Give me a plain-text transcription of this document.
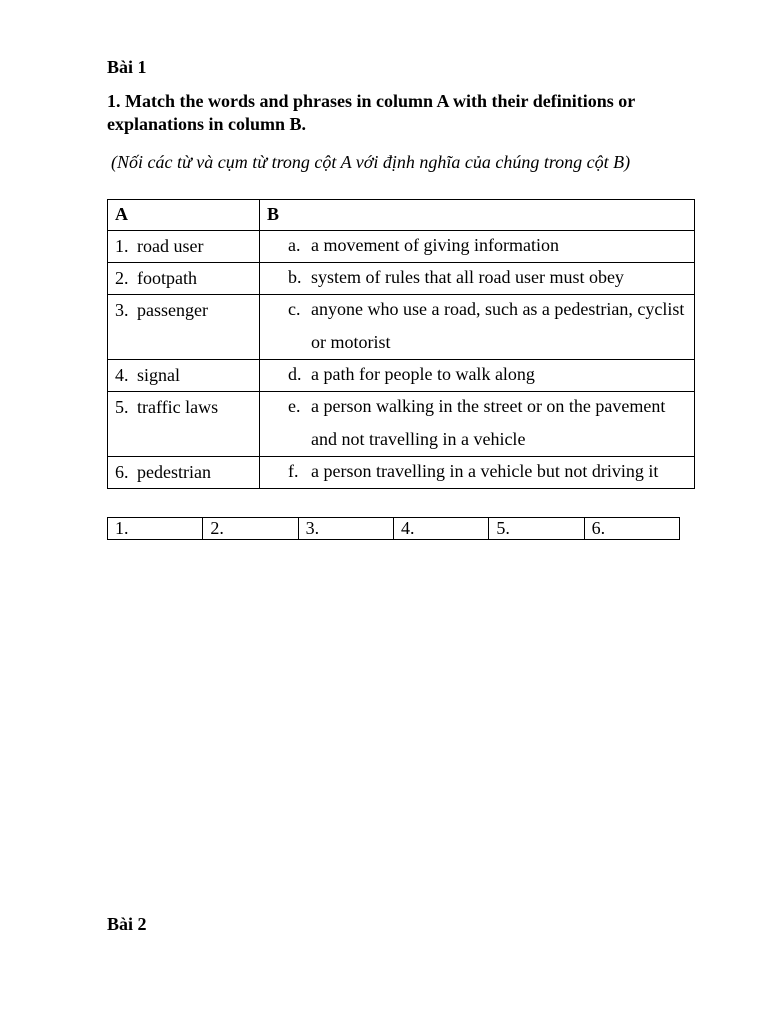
Bài 1
1. Match the words and phrases in column A with their definitions or explanations in column B.
(Nối các từ và cụm từ trong cột A với định nghĩa của chúng trong cột B)
A	B

1. road user	a. a movement of giving information

2. footpath	b. system of rules that all road user must obey

3. passenger	c. anyone who use a road, such as a pedestrian, cyclist or motorist

4. signal	d. a path for people to walk along

5. traffic laws	e. a person walking in the street or on the pavement and not travelling in a vehicle

6. pedestrian	f. a person travelling in a vehicle but not driving it
1.	2.	3.	4.	5.	6.
Bài 2
